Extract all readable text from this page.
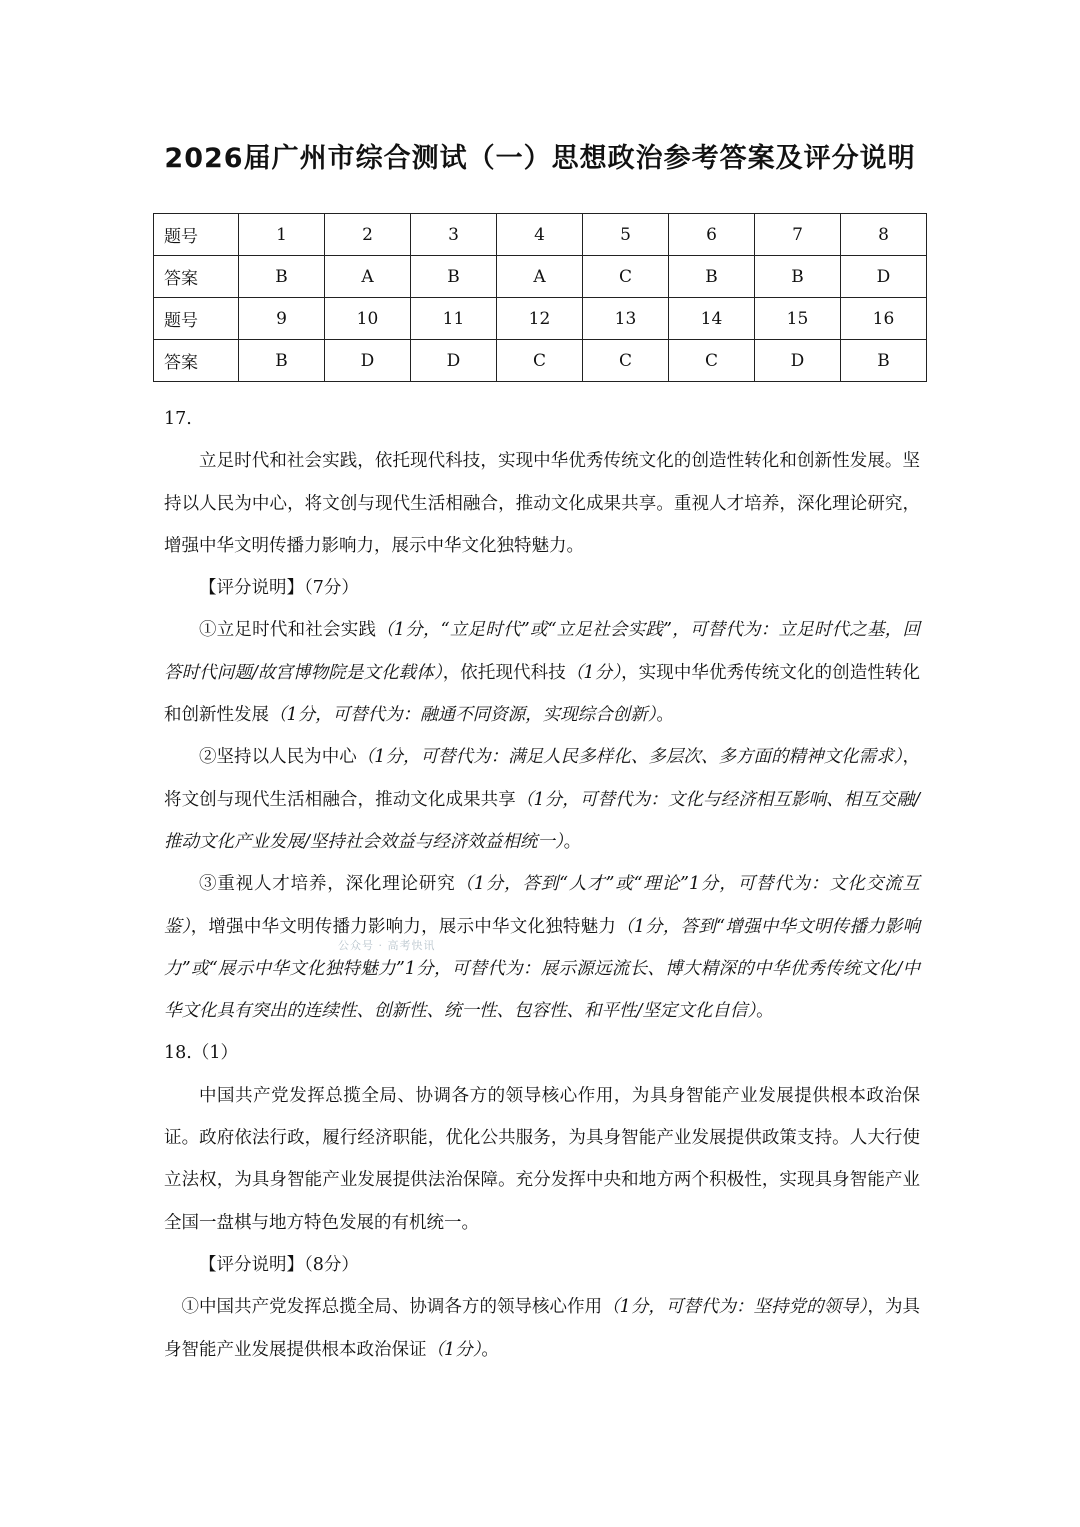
2026届广州市综合测试（一）思想政治参考答案及评分说明
题号	1	2	3	4	5	6	7	8
答案	B	A	B	A	C	B	B	D
题号	9	10	11	12	13	14	15	16
答案	B	D	D	C	C	C	D	B

17.

立足时代和社会实践，依托现代科技，实现中华优秀传统文化的创造性转化和创新性发展。坚持以人民为中心，将文创与现代生活相融合，推动文化成果共享。重视人才培养，深化理论研究，增强中华文明传播力影响力，展示中华文化独特魅力。

【评分说明】（7分）

①立足时代和社会实践（1分，“立足时代”或“立足社会实践”，可替代为：立足时代之基，回答时代问题/故宫博物院是文化载体），依托现代科技（1分），实现中华优秀传统文化的创造性转化和创新性发展（1分，可替代为：融通不同资源，实现综合创新）。

②坚持以人民为中心（1分，可替代为：满足人民多样化、多层次、多方面的精神文化需求），将文创与现代生活相融合，推动文化成果共享（1分，可替代为：文化与经济相互影响、相互交融/推动文化产业发展/坚持社会效益与经济效益相统一）。

③重视人才培养，深化理论研究（1分，答到“人才”或“理论”1分，可替代为：文化交流互鉴），增强中华文明传播力影响力，展示中华文化独特魅力（1分，答到“增强中华文明传播力影响力”或“展示中华文化独特魅力”1分，可替代为：展示源远流长、博大精深的中华优秀传统文化/中华文化具有突出的连续性、创新性、统一性、包容性、和平性/坚定文化自信）。

18.（1）

中国共产党发挥总揽全局、协调各方的领导核心作用，为具身智能产业发展提供根本政治保证。政府依法行政，履行经济职能，优化公共服务，为具身智能产业发展提供政策支持。人大行使立法权，为具身智能产业发展提供法治保障。充分发挥中央和地方两个积极性，实现具身智能产业全国一盘棋与地方特色发展的有机统一。

【评分说明】（8分）

①中国共产党发挥总揽全局、协调各方的领导核心作用（1分，可替代为：坚持党的领导），为具身智能产业发展提供根本政治保证（1分）。

公众号 · 高考快讯
